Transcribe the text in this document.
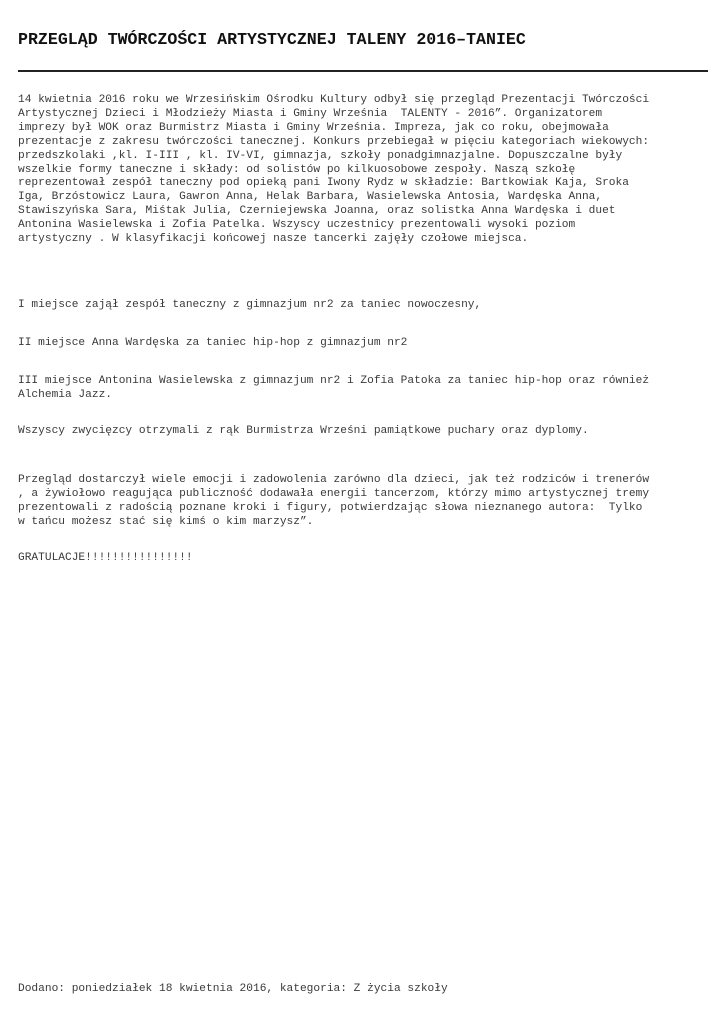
PRZEGLĄD TWÓRCZOŚCI ARTYSTYCZNEJ TALENY 2016–TANIEC

14 kwietnia 2016 roku we Wrzesińskim Ośrodku Kultury odbył się przegląd Prezentacji Twórczości
Artystycznej Dzieci i Młodzieży Miasta i Gminy Września  TALENTY - 2016”. Organizatorem
imprezy był WOK oraz Burmistrz Miasta i Gminy Września. Impreza, jak co roku, obejmowała
prezentacje z zakresu twórczości tanecznej. Konkurs przebiegał w pięciu kategoriach wiekowych:
przedszkolaki ,kl. I-III , kl. IV-VI, gimnazja, szkoły ponadgimnazjalne. Dopuszczalne były
wszelkie formy taneczne i składy: od solistów po kilkuosobowe zespoły. Naszą szkołę
reprezentował zespół taneczny pod opieką pani Iwony Rydz w składzie: Bartkowiak Kaja, Sroka
Iga, Brzóstowicz Laura, Gawron Anna, Helak Barbara, Wasielewska Antosia, Wardęska Anna,
Stawiszyńska Sara, Miśtak Julia, Czerniejewska Joanna, oraz solistka Anna Wardęska i duet
Antonina Wasielewska i Zofia Patelka. Wszyscy uczestnicy prezentowali wysoki poziom
artystyczny . W klasyfikacji końcowej nasze tancerki zajęły czołowe miejsca.

I miejsce zajął zespół taneczny z gimnazjum nr2 za taniec nowoczesny,

II miejsce Anna Wardęska za taniec hip-hop z gimnazjum nr2

III miejsce Antonina Wasielewska z gimnazjum nr2 i Zofia Patoka za taniec hip-hop oraz również
Alchemia Jazz.

Wszyscy zwycięzcy otrzymali z rąk Burmistrza Wrześni pamiątkowe puchary oraz dyplomy.

Przegląd dostarczył wiele emocji i zadowolenia zarówno dla dzieci, jak też rodziców i trenerów
, a żywiołowo reagująca publiczność dodawała energii tancerzom, którzy mimo artystycznej tremy
prezentowali z radością poznane kroki i figury, potwierdzając słowa nieznanego autora:  Tylko
w tańcu możesz stać się kimś o kim marzysz”.

GRATULACJE!!!!!!!!!!!!!!!!

Dodano: poniedziałek 18 kwietnia 2016, kategoria: Z życia szkoły
